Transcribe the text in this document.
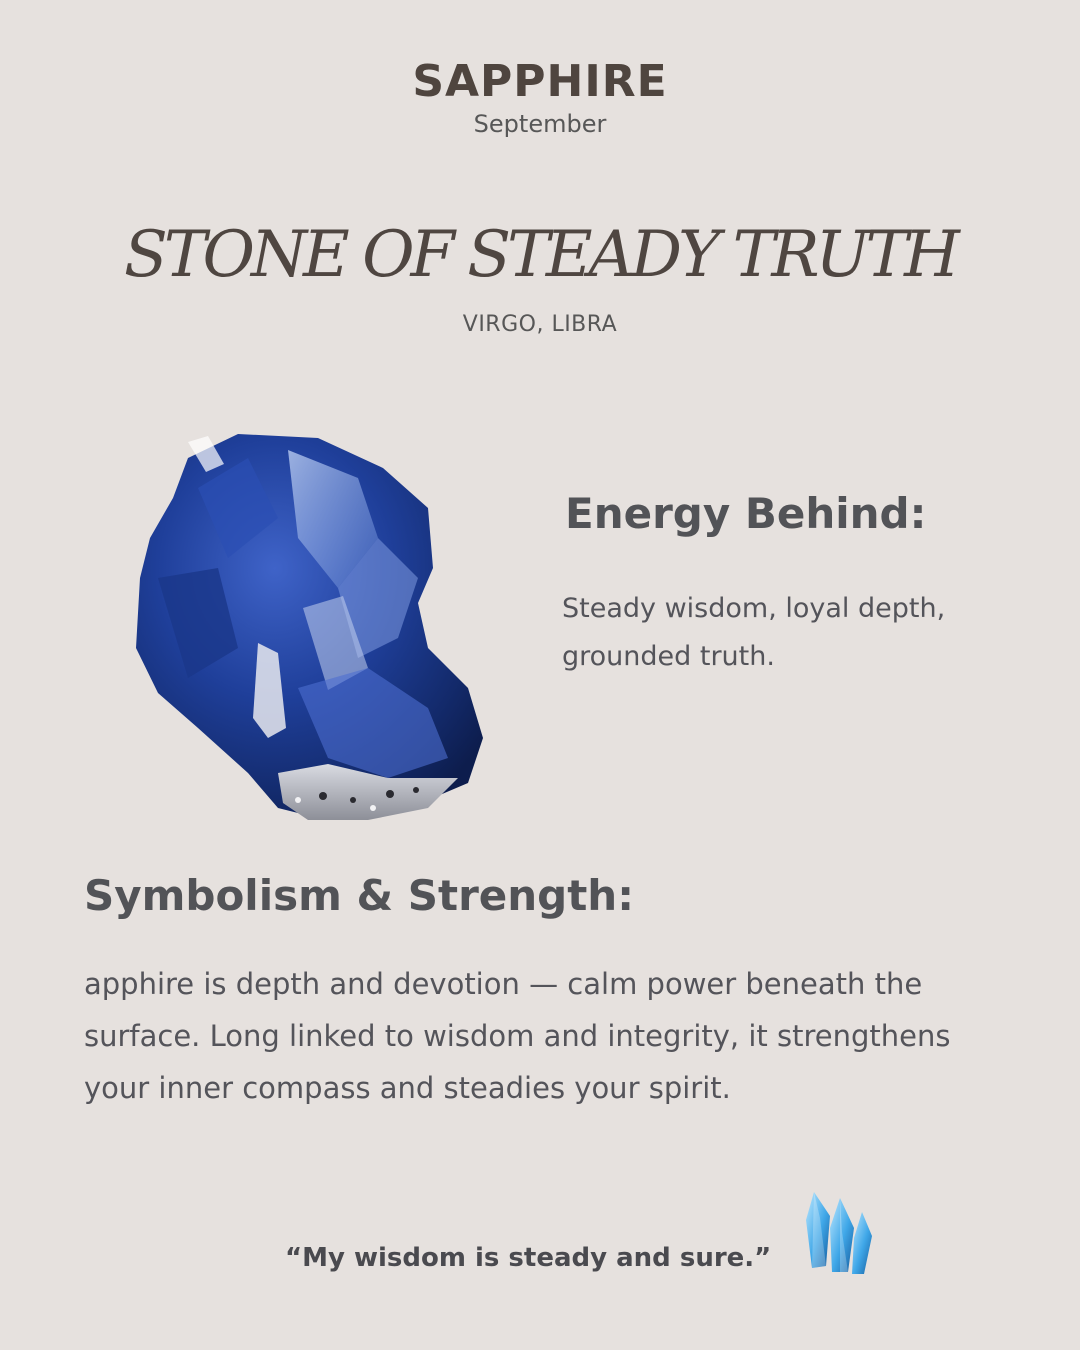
SAPPHIRE
September
STONE OF STEADY TRUTH
VIRGO, LIBRA
Energy Behind:
Steady wisdom, loyal depth, grounded truth.
Symbolism & Strength:
apphire is depth and devotion — calm power beneath the surface. Long linked to wisdom and integrity, it strengthens your inner compass and steadies your spirit.
“My wisdom is steady and sure.”
